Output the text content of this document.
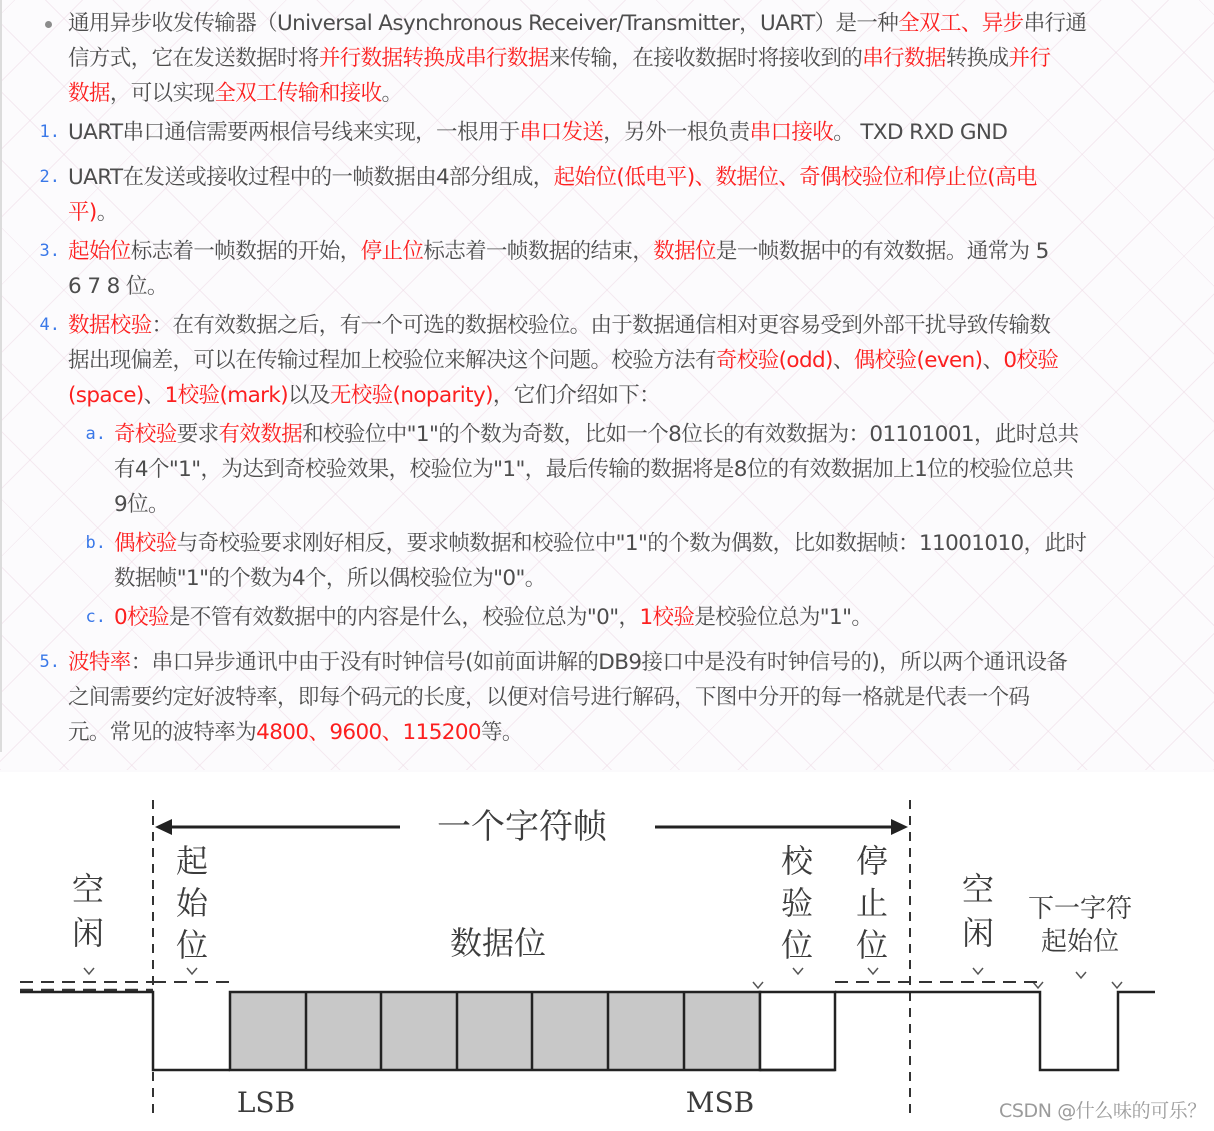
通用异步收发传输器（Universal Asynchronous Receiver/Transmitter，UART）是一种全双工、异步串行通
信方式，它在发送数据时将并行数据转换成串行数据来传输，在接收数据时将接收到的串行数据转换成并行
数据，可以实现全双工传输和接收。
1. UART串口通信需要两根信号线来实现，一根用于串口发送，另外一根负责串口接收。 TXD RXD GND
2. UART在发送或接收过程中的一帧数据由4部分组成，起始位(低电平)、数据位、奇偶校验位和停止位(高电
平)。
3. 起始位标志着一帧数据的开始，停止位标志着一帧数据的结束，数据位是一帧数据中的有效数据。通常为 5
6 7 8 位。
4. 数据校验：在有效数据之后，有一个可选的数据校验位。由于数据通信相对更容易受到外部干扰导致传输数
据出现偏差，可以在传输过程加上校验位来解决这个问题。校验方法有奇校验(odd)、偶校验(even)、0校验
(space)、1校验(mark)以及无校验(noparity)，它们介绍如下：
a. 奇校验要求有效数据和校验位中"1"的个数为奇数，比如一个8位长的有效数据为：01101001，此时总共
有4个"1"，为达到奇校验效果，校验位为"1"，最后传输的数据将是8位的有效数据加上1位的校验位总共
9位。
b. 偶校验与奇校验要求刚好相反，要求帧数据和校验位中"1"的个数为偶数，比如数据帧：11001010，此时
数据帧"1"的个数为4个，所以偶校验位为"0"。
c. 0校验是不管有效数据中的内容是什么，校验位总为"0"，1校验是校验位总为"1"。
5. 波特率：串口异步通讯中由于没有时钟信号(如前面讲解的DB9接口中是没有时钟信号的)，所以两个通讯设备
之间需要约定好波特率，即每个码元的长度，以便对信号进行解码，下图中分开的每一格就是代表一个码
元。常见的波特率为4800、9600、115200等。
一个字符帧
空
闲
起
始
位
校
验
位
停
止
位
空
闲
数据位
下一字符
起始位
LSB	MSB	CSDN @什么味的可乐？
